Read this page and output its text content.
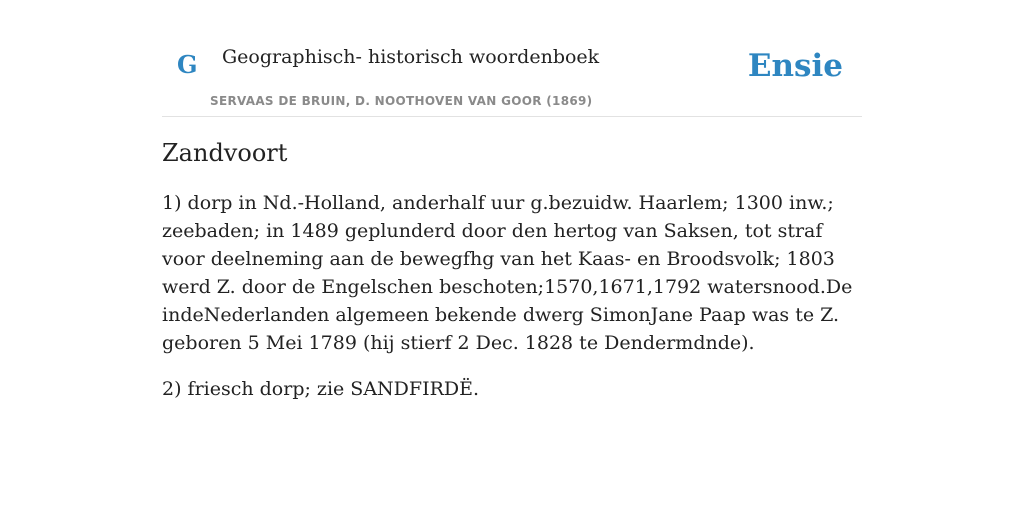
G Geographisch- historisch woordenboek
SERVAAS DE BRUIN, D. NOOTHOVEN VAN GOOR (1869)
Ensie
Zandvoort

1) dorp in Nd.-Holland, anderhalf uur g.bezuidw. Haarlem; 1300 inw.; zeebaden; in 1489 geplunderd door den hertog van Saksen, tot straf voor deelneming aan de bewegfhg van het Kaas- en Broodsvolk; 1803 werd Z. door de Engelschen beschoten;1570,1671,1792 watersnood.De indeNederlanden algemeen bekende dwerg SimonJane Paap was te Z. geboren 5 Mei 1789 (hij stierf 2 Dec. 1828 te Dendermdnde).

2) friesch dorp; zie SANDFIRDË.
